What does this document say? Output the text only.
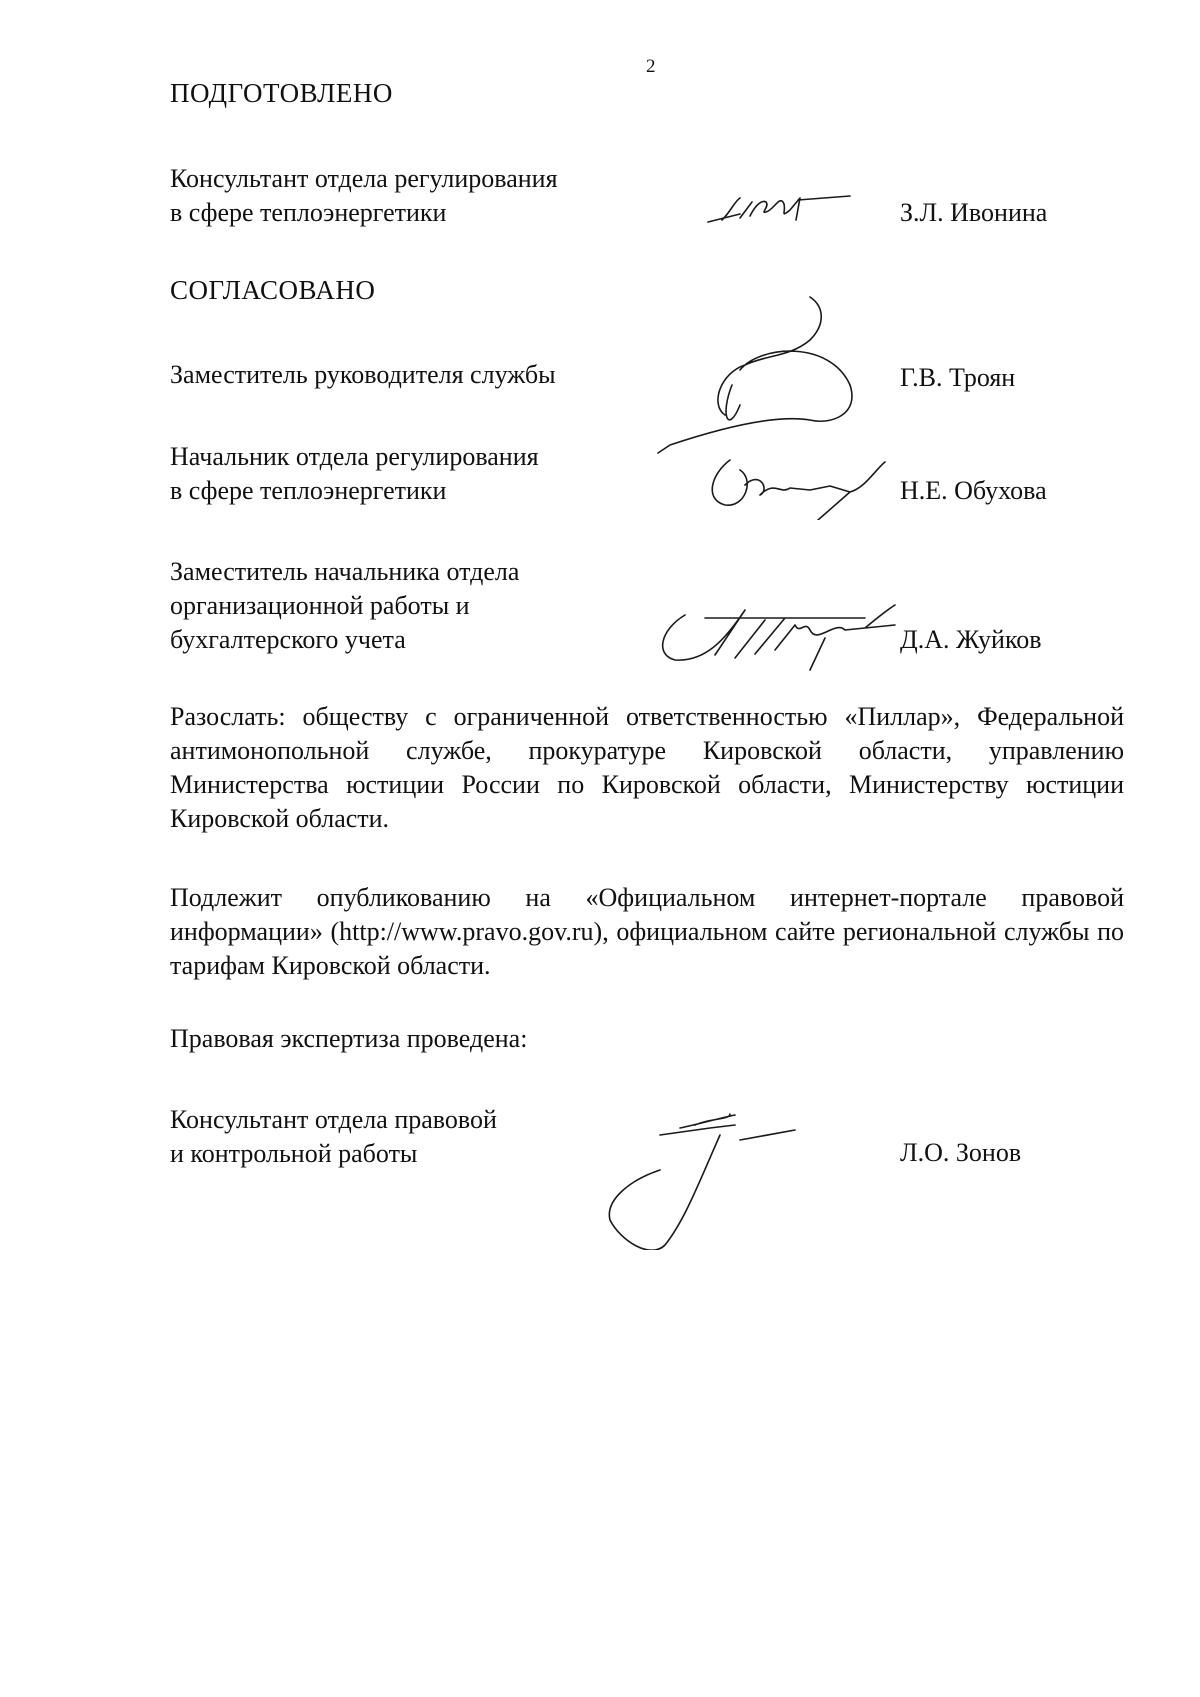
2
ПОДГОТОВЛЕНО
Консультант отдела регулирования
в сфере теплоэнергетики	З.Л. Ивонина
СОГЛАСОВАНО
Заместитель руководителя службы	Г.В. Троян
Начальник отдела регулирования
в сфере теплоэнергетики	Н.Е. Обухова
Заместитель начальника отдела
организационной работы и
бухгалтерского учета	Д.А. Жуйков
Разослать: обществу с ограниченной ответственностью «Пиллар», Федеральной антимонопольной службе, прокуратуре Кировской области, управлению Министерства юстиции России по Кировской области, Министерству юстиции Кировской области.
Подлежит опубликованию на «Официальном интернет-портале правовой информации» (http://www.pravo.gov.ru), официальном сайте региональной службы по тарифам Кировской области.
Правовая экспертиза проведена:
Консультант отдела правовой
и контрольной работы	Л.О. Зонов
